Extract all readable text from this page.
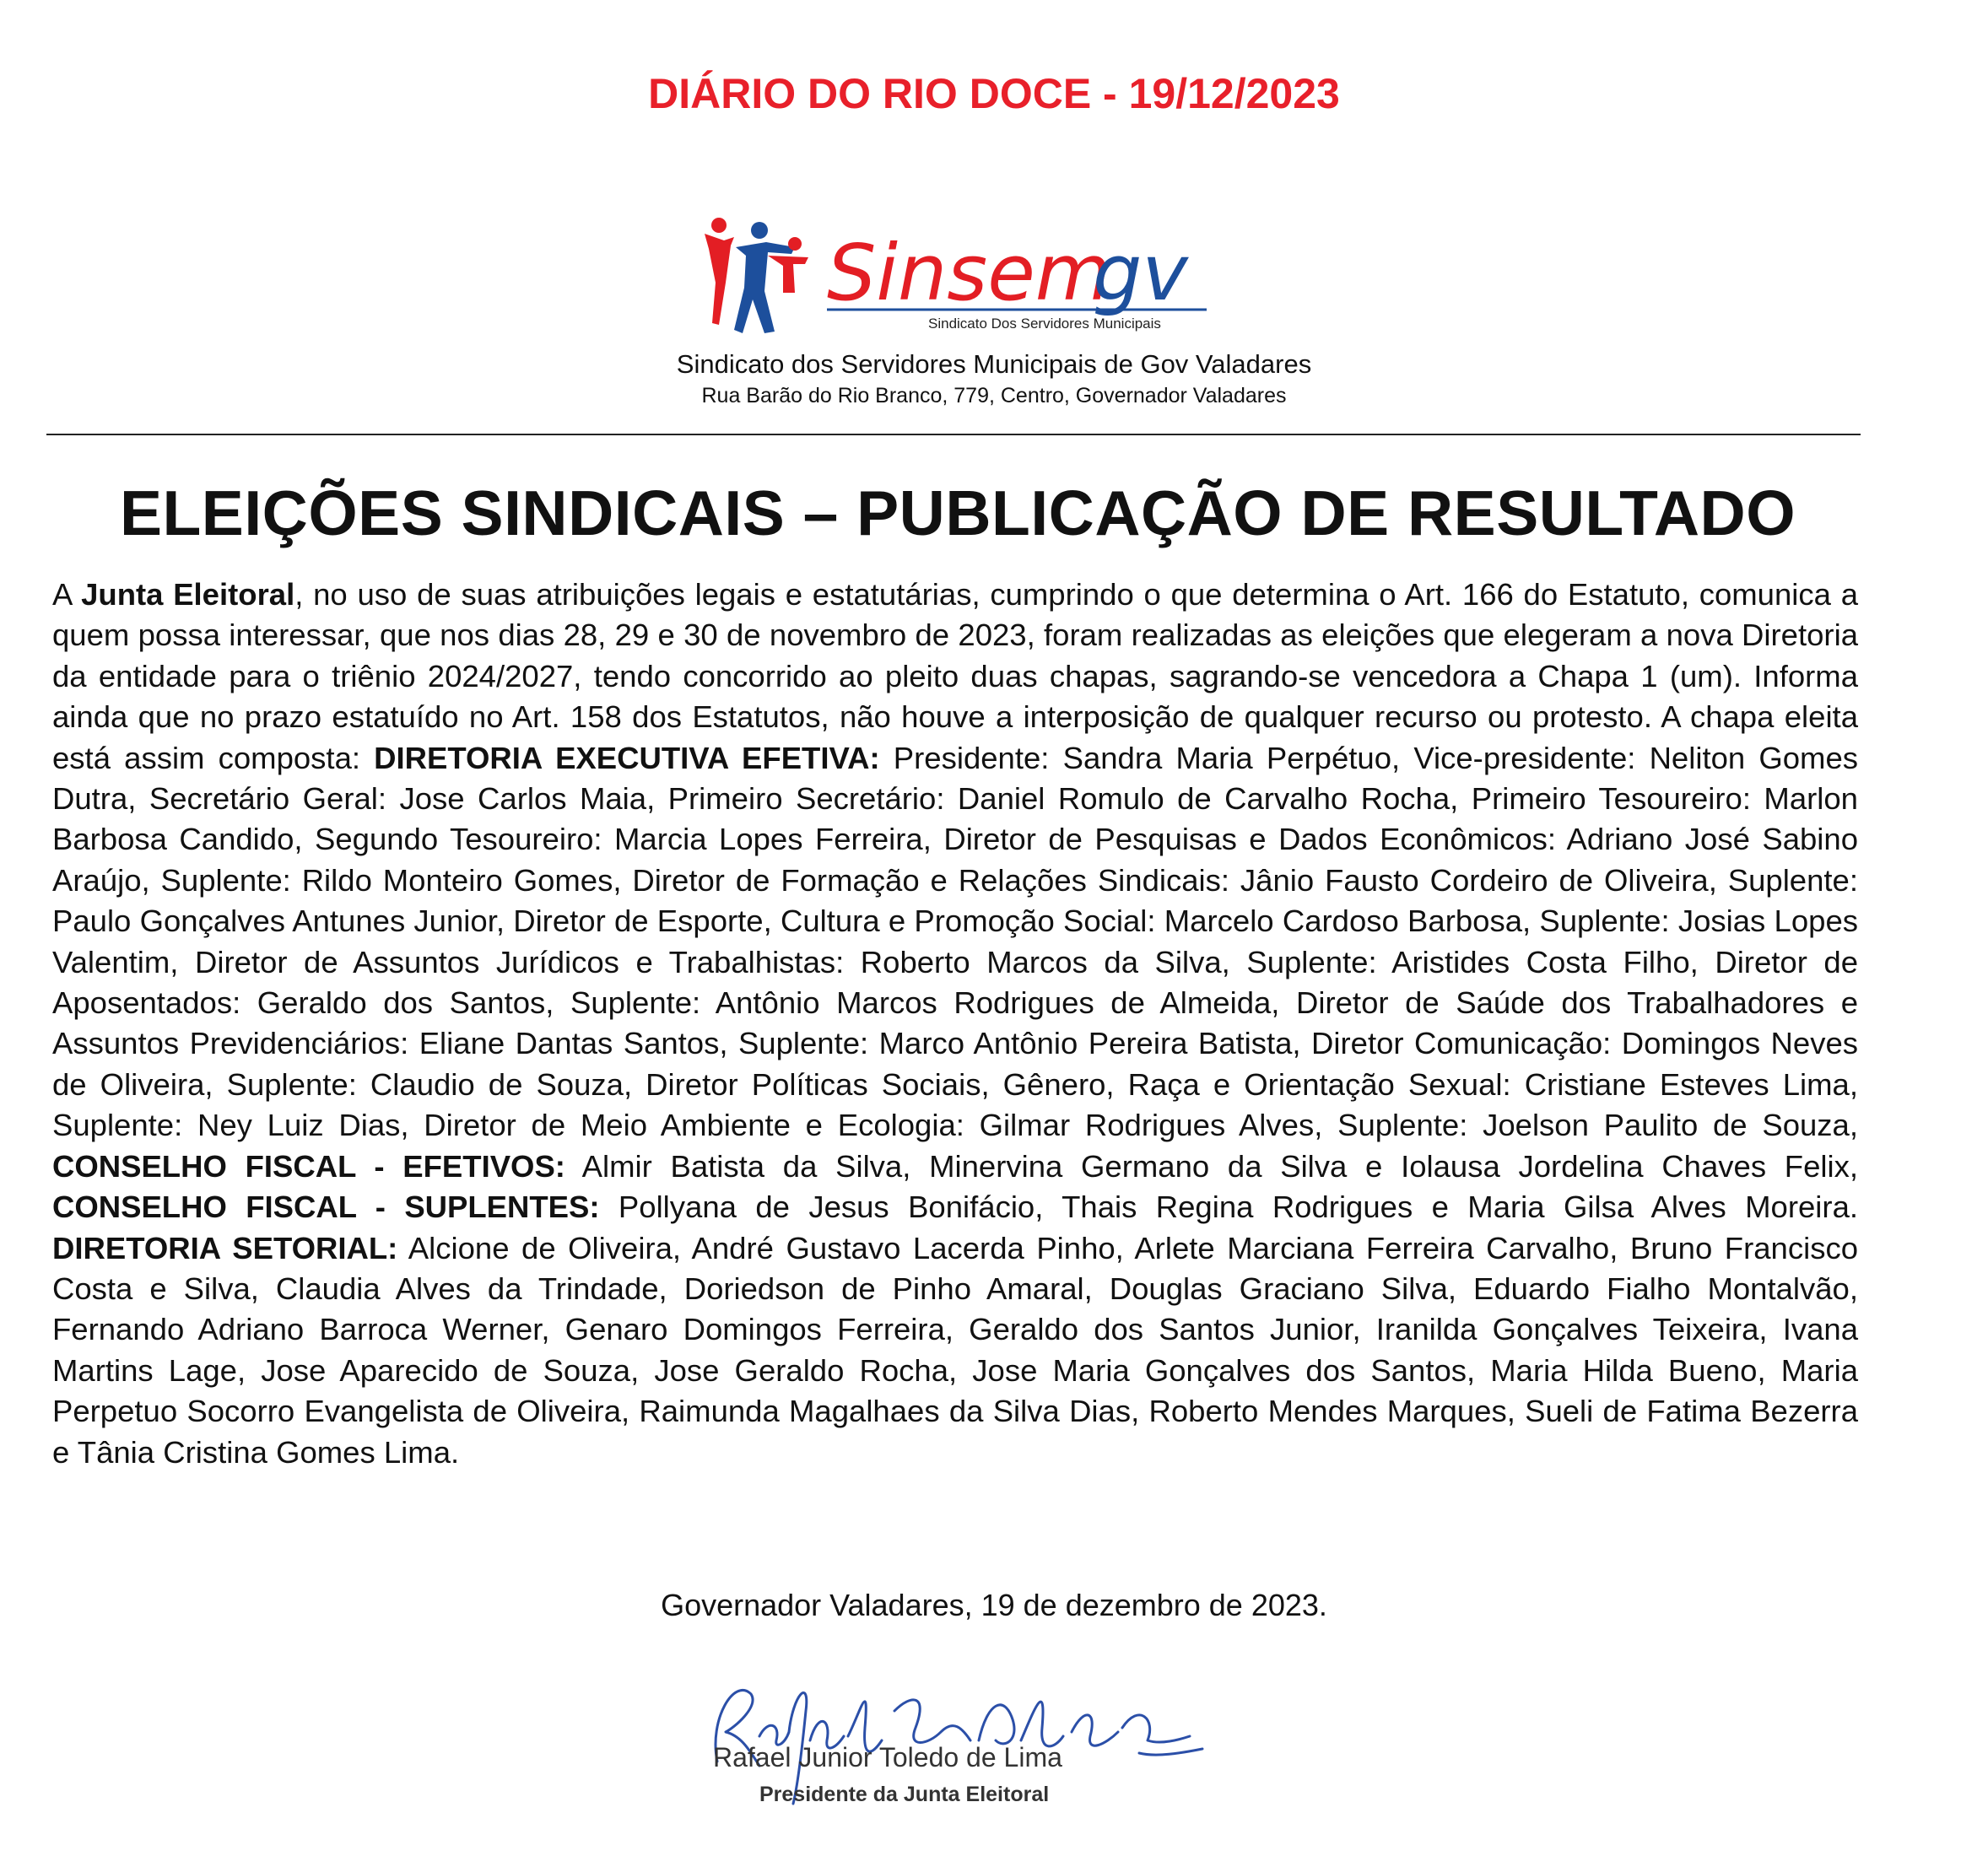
DIÁRIO DO RIO DOCE - 19/12/2023
Sinsem
gv
Sindicato Dos Servidores Municipais
Sindicato dos Servidores Municipais de Gov Valadares
Rua Barão do Rio Branco, 779, Centro, Governador Valadares
ELEIÇÕES SINDICAIS – PUBLICAÇÃO DE RESULTADO
A Junta Eleitoral, no uso de suas atribuições legais e estatutárias, cumprindo o que determina o Art. 166 do Estatuto, comunica a quem possa interessar, que nos dias 28, 29 e 30 de novembro de 2023, foram realizadas as eleições que elegeram a nova Diretoria da entidade para o triênio 2024/2027, tendo concorrido ao pleito duas chapas, sagrando-se vencedora a Chapa 1 (um). Informa ainda que no prazo estatuído no Art. 158 dos Estatutos, não houve a interposição de qualquer recurso ou protesto. A chapa eleita está assim composta: DIRETORIA EXECUTIVA EFETIVA: Presidente: Sandra Maria Perpétuo, Vice-presidente: Neliton Gomes Dutra, Secretário Geral: Jose Carlos Maia, Primeiro Secretário: Daniel Romulo de Carvalho Rocha, Primeiro Tesoureiro: Marlon Barbosa Candido, Segundo Tesoureiro: Marcia Lopes Ferreira, Diretor de Pesquisas e Dados Econômicos: Adriano José Sabino Araújo, Suplente: Rildo Monteiro Gomes, Diretor de Formação e Relações Sindicais: Jânio Fausto Cordeiro de Oliveira, Suplente: Paulo Gonçalves Antunes Junior, Diretor de Esporte, Cultura e Promoção Social: Marcelo Cardoso Barbosa, Suplente: Josias Lopes Valentim, Diretor de Assuntos Jurídicos e Trabalhistas: Roberto Marcos da Silva, Suplente: Aristides Costa Filho, Diretor de Aposentados: Geraldo dos Santos, Suplente: Antônio Marcos Rodrigues de Almeida, Diretor de Saúde dos Trabalhadores e Assuntos Previdenciários: Eliane Dantas Santos, Suplente: Marco Antônio Pereira Batista, Diretor Comunicação: Domingos Neves de Oliveira, Suplente: Claudio de Souza, Diretor Políticas Sociais, Gênero, Raça e Orientação Sexual: Cristiane Esteves Lima, Suplente: Ney Luiz Dias, Diretor de Meio Ambiente e Ecologia: Gilmar Rodrigues Alves, Suplente: Joelson Paulito de Souza, CONSELHO FISCAL - EFETIVOS: Almir Batista da Silva, Minervina Germano da Silva e Iolausa Jordelina Chaves Felix, CONSELHO FISCAL - SUPLENTES: Pollyana de Jesus Bonifácio, Thais Regina Rodrigues e Maria Gilsa Alves Moreira. DIRETORIA SETORIAL: Alcione de Oliveira, André Gustavo Lacerda Pinho, Arlete Marciana Ferreira Carvalho, Bruno Francisco Costa e Silva, Claudia Alves da Trindade, Doriedson de Pinho Amaral, Douglas Graciano Silva, Eduardo Fialho Montalvão, Fernando Adriano Barroca Werner, Genaro Domingos Ferreira, Geraldo dos Santos Junior, Iranilda Gonçalves Teixeira, Ivana Martins Lage, Jose Aparecido de Souza, Jose Geraldo Rocha, Jose Maria Gonçalves dos Santos, Maria Hilda Bueno, Maria Perpetuo Socorro Evangelista de Oliveira, Raimunda Magalhaes da Silva Dias, Roberto Mendes Marques, Sueli de Fatima Bezerra e Tânia Cristina Gomes Lima.
Governador Valadares, 19 de dezembro de 2023.
Rafael Junior Toledo de Lima
Presidente da Junta Eleitoral
